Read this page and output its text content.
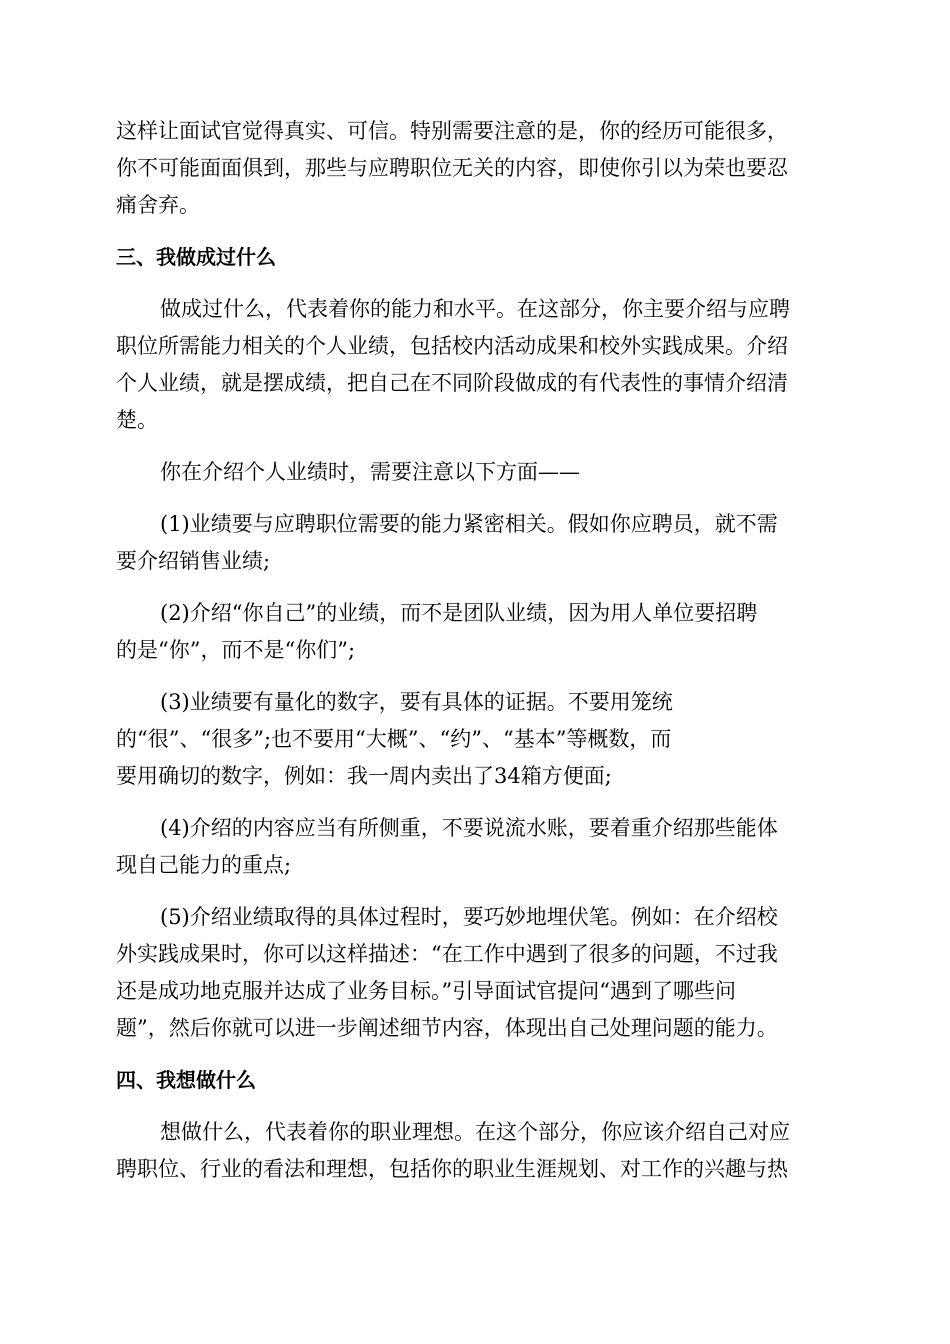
这样让面试官觉得真实、可信。特别需要注意的是，你的经历可能很多，
你不可能面面俱到，那些与应聘职位无关的内容，即使你引以为荣也要忍
痛舍弃。

三、我做成过什么

做成过什么，代表着你的能力和水平。在这部分，你主要介绍与应聘
职位所需能力相关的个人业绩，包括校内活动成果和校外实践成果。介绍
个人业绩，就是摆成绩，把自己在不同阶段做成的有代表性的事情介绍清
楚。

你在介绍个人业绩时，需要注意以下方面——

(1)业绩要与应聘职位需要的能力紧密相关。假如你应聘员，就不需
要介绍销售业绩;

(2)介绍“你自己”的业绩，而不是团队业绩，因为用人单位要招聘
的是“你”，而不是“你们”;

(3)业绩要有量化的数字，要有具体的证据。不要用笼统
的“很”、“很多”;也不要用“大概”、“约”、“基本”等概数，而
要用确切的数字，例如：我一周内卖出了34箱方便面;

(4)介绍的内容应当有所侧重，不要说流水账，要着重介绍那些能体
现自己能力的重点;

(5)介绍业绩取得的具体过程时，要巧妙地埋伏笔。例如：在介绍校
外实践成果时，你可以这样描述：“在工作中遇到了很多的问题，不过我
还是成功地克服并达成了业务目标。”引导面试官提问“遇到了哪些问
题”，然后你就可以进一步阐述细节内容，体现出自己处理问题的能力。

四、我想做什么

想做什么，代表着你的职业理想。在这个部分，你应该介绍自己对应
聘职位、行业的看法和理想，包括你的职业生涯规划、对工作的兴趣与热
